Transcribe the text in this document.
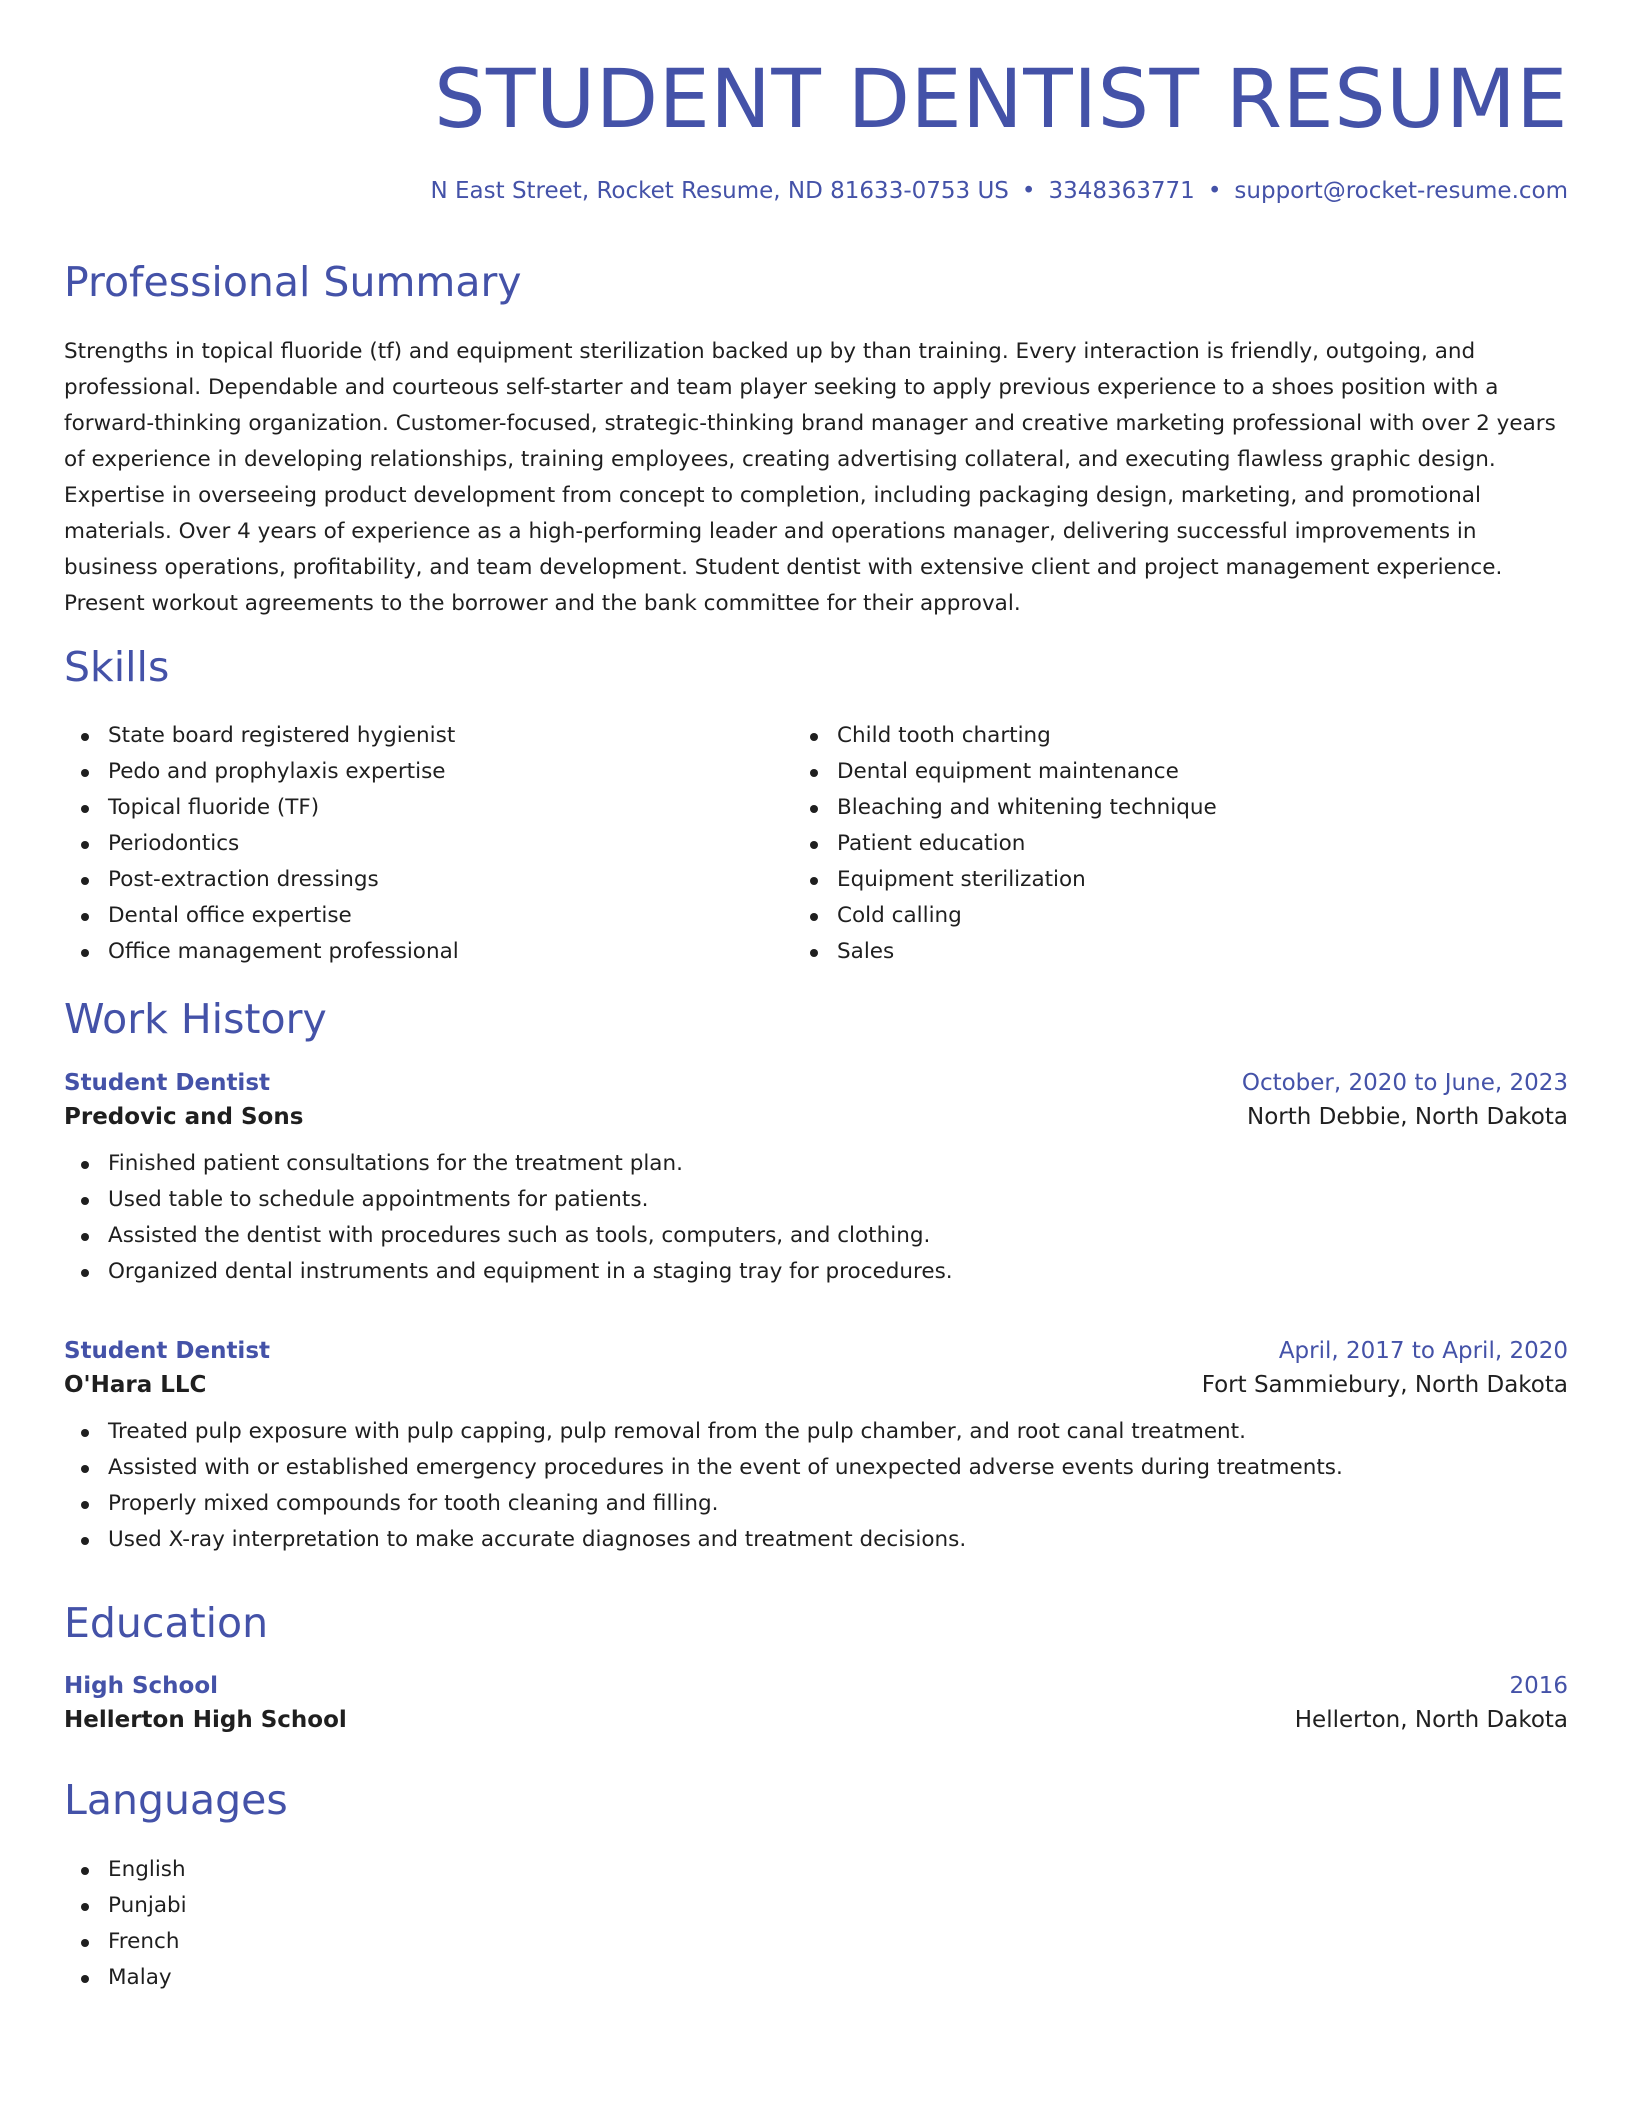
STUDENT DENTIST RESUME
N East Street, Rocket Resume, ND 81633-0753 US • 3348363771 • support@rocket-resume.com
Professional Summary

Strengths in topical fluoride (tf) and equipment sterilization backed up by than training. Every interaction is friendly, outgoing, and professional. Dependable and courteous self-starter and team player seeking to apply previous experience to a shoes position with a forward-thinking organization. Customer-focused, strategic-thinking brand manager and creative marketing professional with over 2 years of experience in developing relationships, training employees, creating advertising collateral, and executing flawless graphic design. Expertise in overseeing product development from concept to completion, including packaging design, marketing, and promotional materials. Over 4 years of experience as a high-performing leader and operations manager, delivering successful improvements in business operations, profitability, and team development. Student dentist with extensive client and project management experience. Present workout agreements to the borrower and the bank committee for their approval.

Skills
State board registered hygienist
Pedo and prophylaxis expertise
Topical fluoride (TF)
Periodontics
Post-extraction dressings
Dental office expertise
Office management professional
Child tooth charting
Dental equipment maintenance
Bleaching and whitening technique
Patient education
Equipment sterilization
Cold calling
Sales
Work History
Student Dentist	October, 2020 to June, 2023
Predovic and Sons	North Debbie, North Dakota
Finished patient consultations for the treatment plan.
Used table to schedule appointments for patients.
Assisted the dentist with procedures such as tools, computers, and clothing.
Organized dental instruments and equipment in a staging tray for procedures.
Student Dentist	April, 2017 to April, 2020
O'Hara LLC	Fort Sammiebury, North Dakota
Treated pulp exposure with pulp capping, pulp removal from the pulp chamber, and root canal treatment.
Assisted with or established emergency procedures in the event of unexpected adverse events during treatments.
Properly mixed compounds for tooth cleaning and filling.
Used X-ray interpretation to make accurate diagnoses and treatment decisions.
Education
High School	2016
Hellerton High School	Hellerton, North Dakota
Languages
English
Punjabi
French
Malay
